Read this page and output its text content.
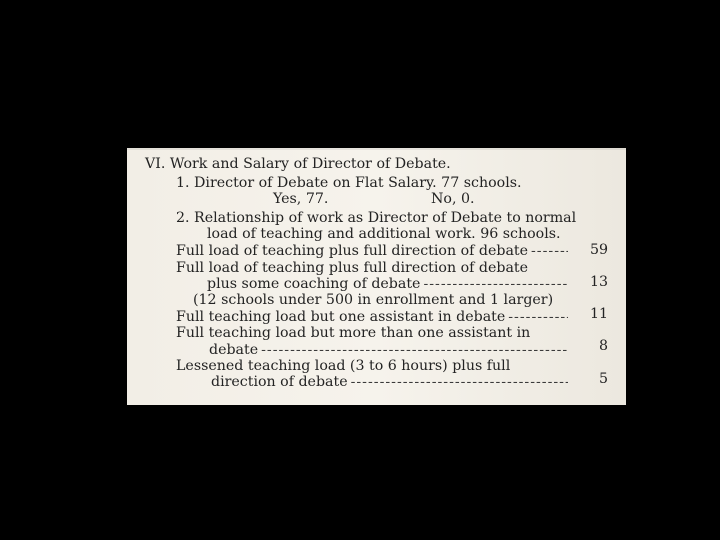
VI. Work and Salary of Director of Debate.
1. Director of Debate on Flat Salary. 77 schools.
Yes, 77.	No, 0.
2. Relationship of work as Director of Debate to normal
load of teaching and additional work. 96 schools.
Full load of teaching plus full direction of debate -----	59
Full load of teaching plus full direction of debate
plus some coaching of debate -----	13
(12 schools under 500 in enrollment and 1 larger)
Full teaching load but one assistant in debate -----	11
Full teaching load but more than one assistant in
debate -----	8
Lessened teaching load (3 to 6 hours) plus full
direction of debate -----	5
